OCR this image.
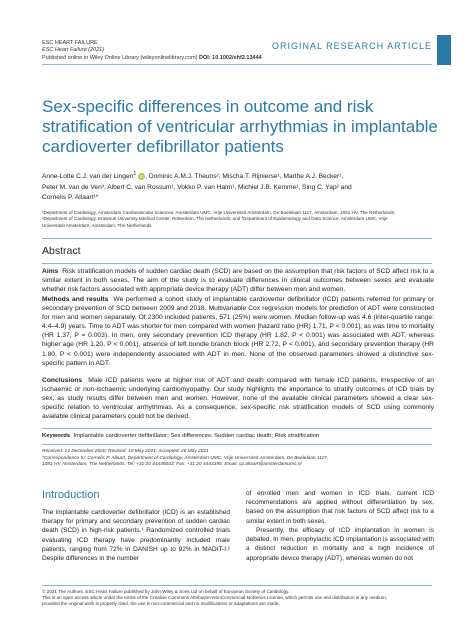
ESC HEART FAILURE
ESC Heart Failure (2021)
Published online in Wiley Online Library (wileyonlinelibrary.com) DOI: 10.1002/ehf2.13444
ORIGINAL RESEARCH ARTICLE
Sex-specific differences in outcome and risk stratification of ventricular arrhythmias in implantable cardioverter defibrillator patients
Anne-Lotte C.J. van der Lingen$^1$ iD, Dominic A.M.J. Theuns², Mischa T. Rijnierse¹, Marthe A.J. Becker¹,
Peter M. van de Ven³, Albert C. van Rossum¹, Vokko P. van Halm¹, Michiel J.B. Kemme¹, Sing C. Yap² and
Cornelis P. Allaart¹*
¹Department of Cardiology, Amsterdam Cardiovascular Sciences, Amsterdam UMC, Vrije Universiteit Amsterdam, De Boelelaan 1117, Amsterdam, 1081 HV, The Netherlands;
²Department of Cardiology, Erasmus University Medical Center, Rotterdam, The Netherlands; and ³Department of Epidemiology and Data Science, Amsterdam UMC, Vrije
Universiteit Amsterdam, Amsterdam, The Netherlands
Abstract
Aims Risk stratification models of sudden cardiac death (SCD) are based on the assumption that risk factors of SCD affect risk to a similar extent in both sexes. The aim of the study is to evaluate differences in clinical outcomes between sexes and evaluate whether risk factors associated with appropriate device therapy (ADT) differ between men and women.
Methods and results We performed a cohort study of implantable cardioverter defibrillator (ICD) patients referred for primary or secondary prevention of SCD between 2009 and 2018. Multivariable Cox regression models for prediction of ADT were constructed for men and women separately. Of 2300 included patients, 571 (25%) were women. Median follow-up was 4.6 (inter-quartile range: 4.4–4.9) years. Time to ADT was shorter for men compared with women [hazard ratio (HR) 1.71, P < 0.001], as was time to mortality (HR 1.37, P = 0.003). In men, only secondary prevention ICD therapy (HR 1.82, P < 0.001) was associated with ADT, whereas higher age (HR 1.20, P < 0.001), absence of left bundle branch block (HR 2.72, P < 0.001), and secondary prevention therapy (HR 1.80, P < 0.001) were independently associated with ADT in men. None of the observed parameters showed a distinctive sex-specific pattern in ADT.
Conclusions Male ICD patients were at higher risk of ADT and death compared with female ICD patients, irrespective of an ischaemic or non-ischaemic underlying cardiomyopathy. Our study highlights the importance to stratify outcomes of ICD trials by sex, as study results differ between men and women. However, none of the available clinical parameters showed a clear sex-specific relation to ventricular arrhythmias. As a consequence, sex-specific risk stratification models of SCD using commonly available clinical parameters could not be derived.
Keywords Implantable cardioverter defibrillator; Sex differences; Sudden cardiac death; Risk stratification
Received: 22 December 2020; Revised: 10 May 2021; Accepted: 26 May 2021
*Correspondence to: Cornelis P. Allaart, Department of Cardiology, Amsterdam UMC, Vrije Universiteit Amsterdam, De Boelelaan 1117,
1081 HV Amsterdam, The Netherlands. Tel: +31 20 44445043; Fax: +31 20 4443395. Email: cp.allaart@amsterdamumc.nl
Introduction
The implantable cardioverter defibrillator (ICD) is an established therapy for primary and secondary prevention of sudden cardiac death (SCD) in high-risk patients.¹ Randomized controlled trials evaluating ICD therapy have predominantly included male patients, ranging from 72% in DANISH up to 92% in MADIT-I.² Despite differences in the number
of enrolled men and women in ICD trials, current ICD recommendations are applied without differentiation by sex, based on the assumption that risk factors of SCD affect risk to a similar extent in both sexes.
Presently, the efficacy of ICD implantation in women is debated. In men, prophylactic ICD implantation is associated with a distinct reduction in mortality and a high incidence of appropriate device therapy (ADT), whereas women do not
© 2021 The Authors. ESC Heart Failure published by John Wiley & Sons Ltd on behalf of European Society of Cardiology.
This is an open access article under the terms of the Creative Commons Attribution-NonCommercial-NoDerivs License, which permits use and distribution in any medium,
provided the original work is properly cited, the use is non-commercial and no modifications or adaptations are made.
